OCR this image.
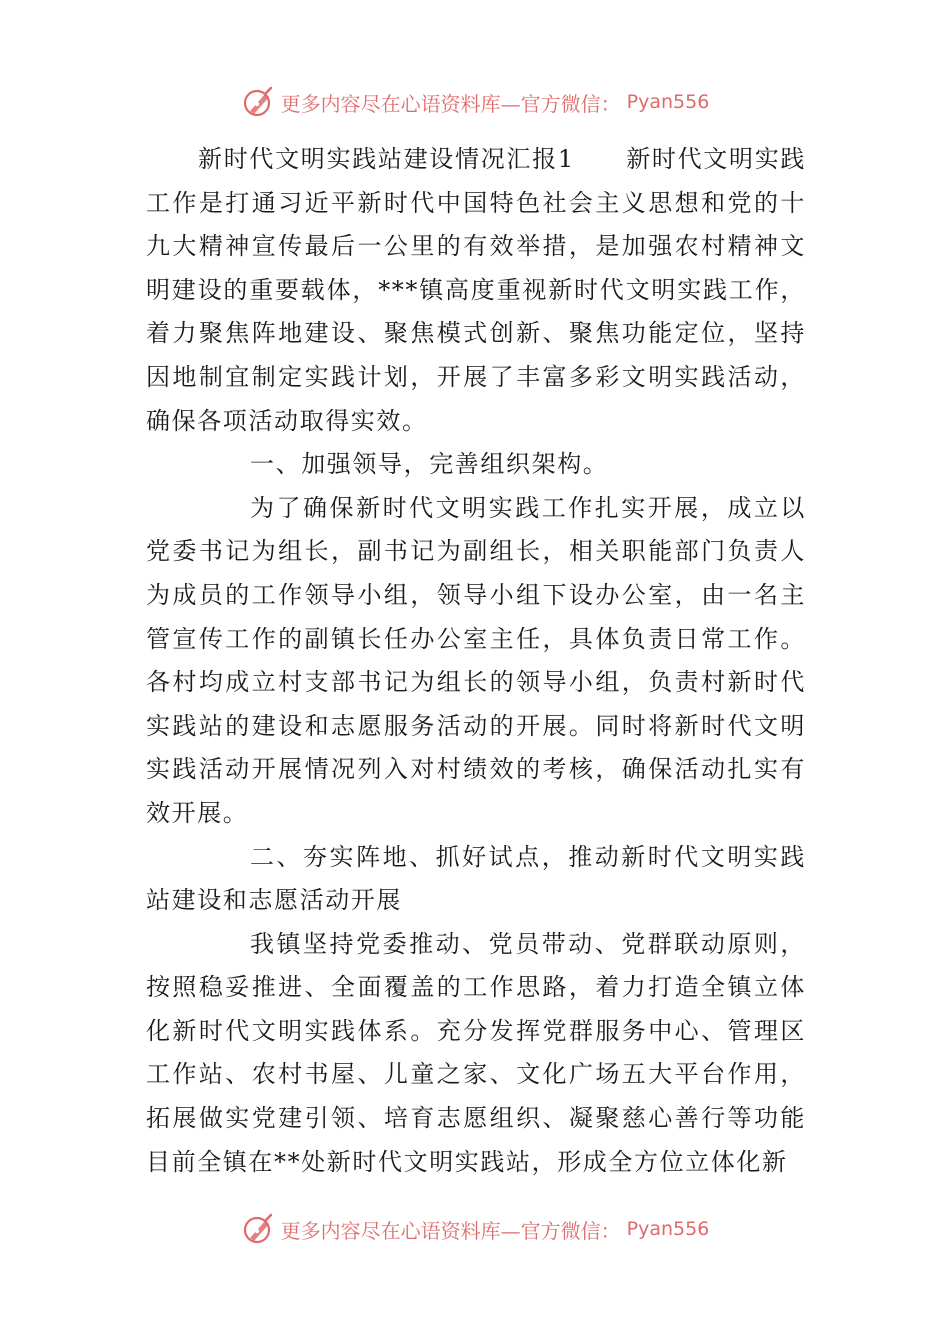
更多内容尽在心语资料库—官方微信： Pyan556

新时代文明实践站建设情况汇报1　　新时代文明实践工作是打通习近平新时代中国特色社会主义思想和党的十九大精神宣传最后一公里的有效举措，是加强农村精神文明建设的重要载体，***镇高度重视新时代文明实践工作，着力聚焦阵地建设、聚焦模式创新、聚焦功能定位，坚持因地制宜制定实践计划，开展了丰富多彩文明实践活动，确保各项活动取得实效。

一、加强领导，完善组织架构。

为了确保新时代文明实践工作扎实开展，成立以党委书记为组长，副书记为副组长，相关职能部门负责人为成员的工作领导小组，领导小组下设办公室，由一名主管宣传工作的副镇长任办公室主任，具体负责日常工作。各村均成立村支部书记为组长的领导小组，负责村新时代实践站的建设和志愿服务活动的开展。同时将新时代文明实践活动开展情况列入对村绩效的考核，确保活动扎实有效开展。

二、夯实阵地、抓好试点，推动新时代文明实践站建设和志愿活动开展

我镇坚持党委推动、党员带动、党群联动原则，按照稳妥推进、全面覆盖的工作思路，着力打造全镇立体化新时代文明实践体系。充分发挥党群服务中心、管理区工作站、农村书屋、儿童之家、文化广场五大平台作用，拓展做实党建引领、培育志愿组织、凝聚慈心善行等功能目前全镇在**处新时代文明实践站，形成全方位立体化新

更多内容尽在心语资料库—官方微信： Pyan556
